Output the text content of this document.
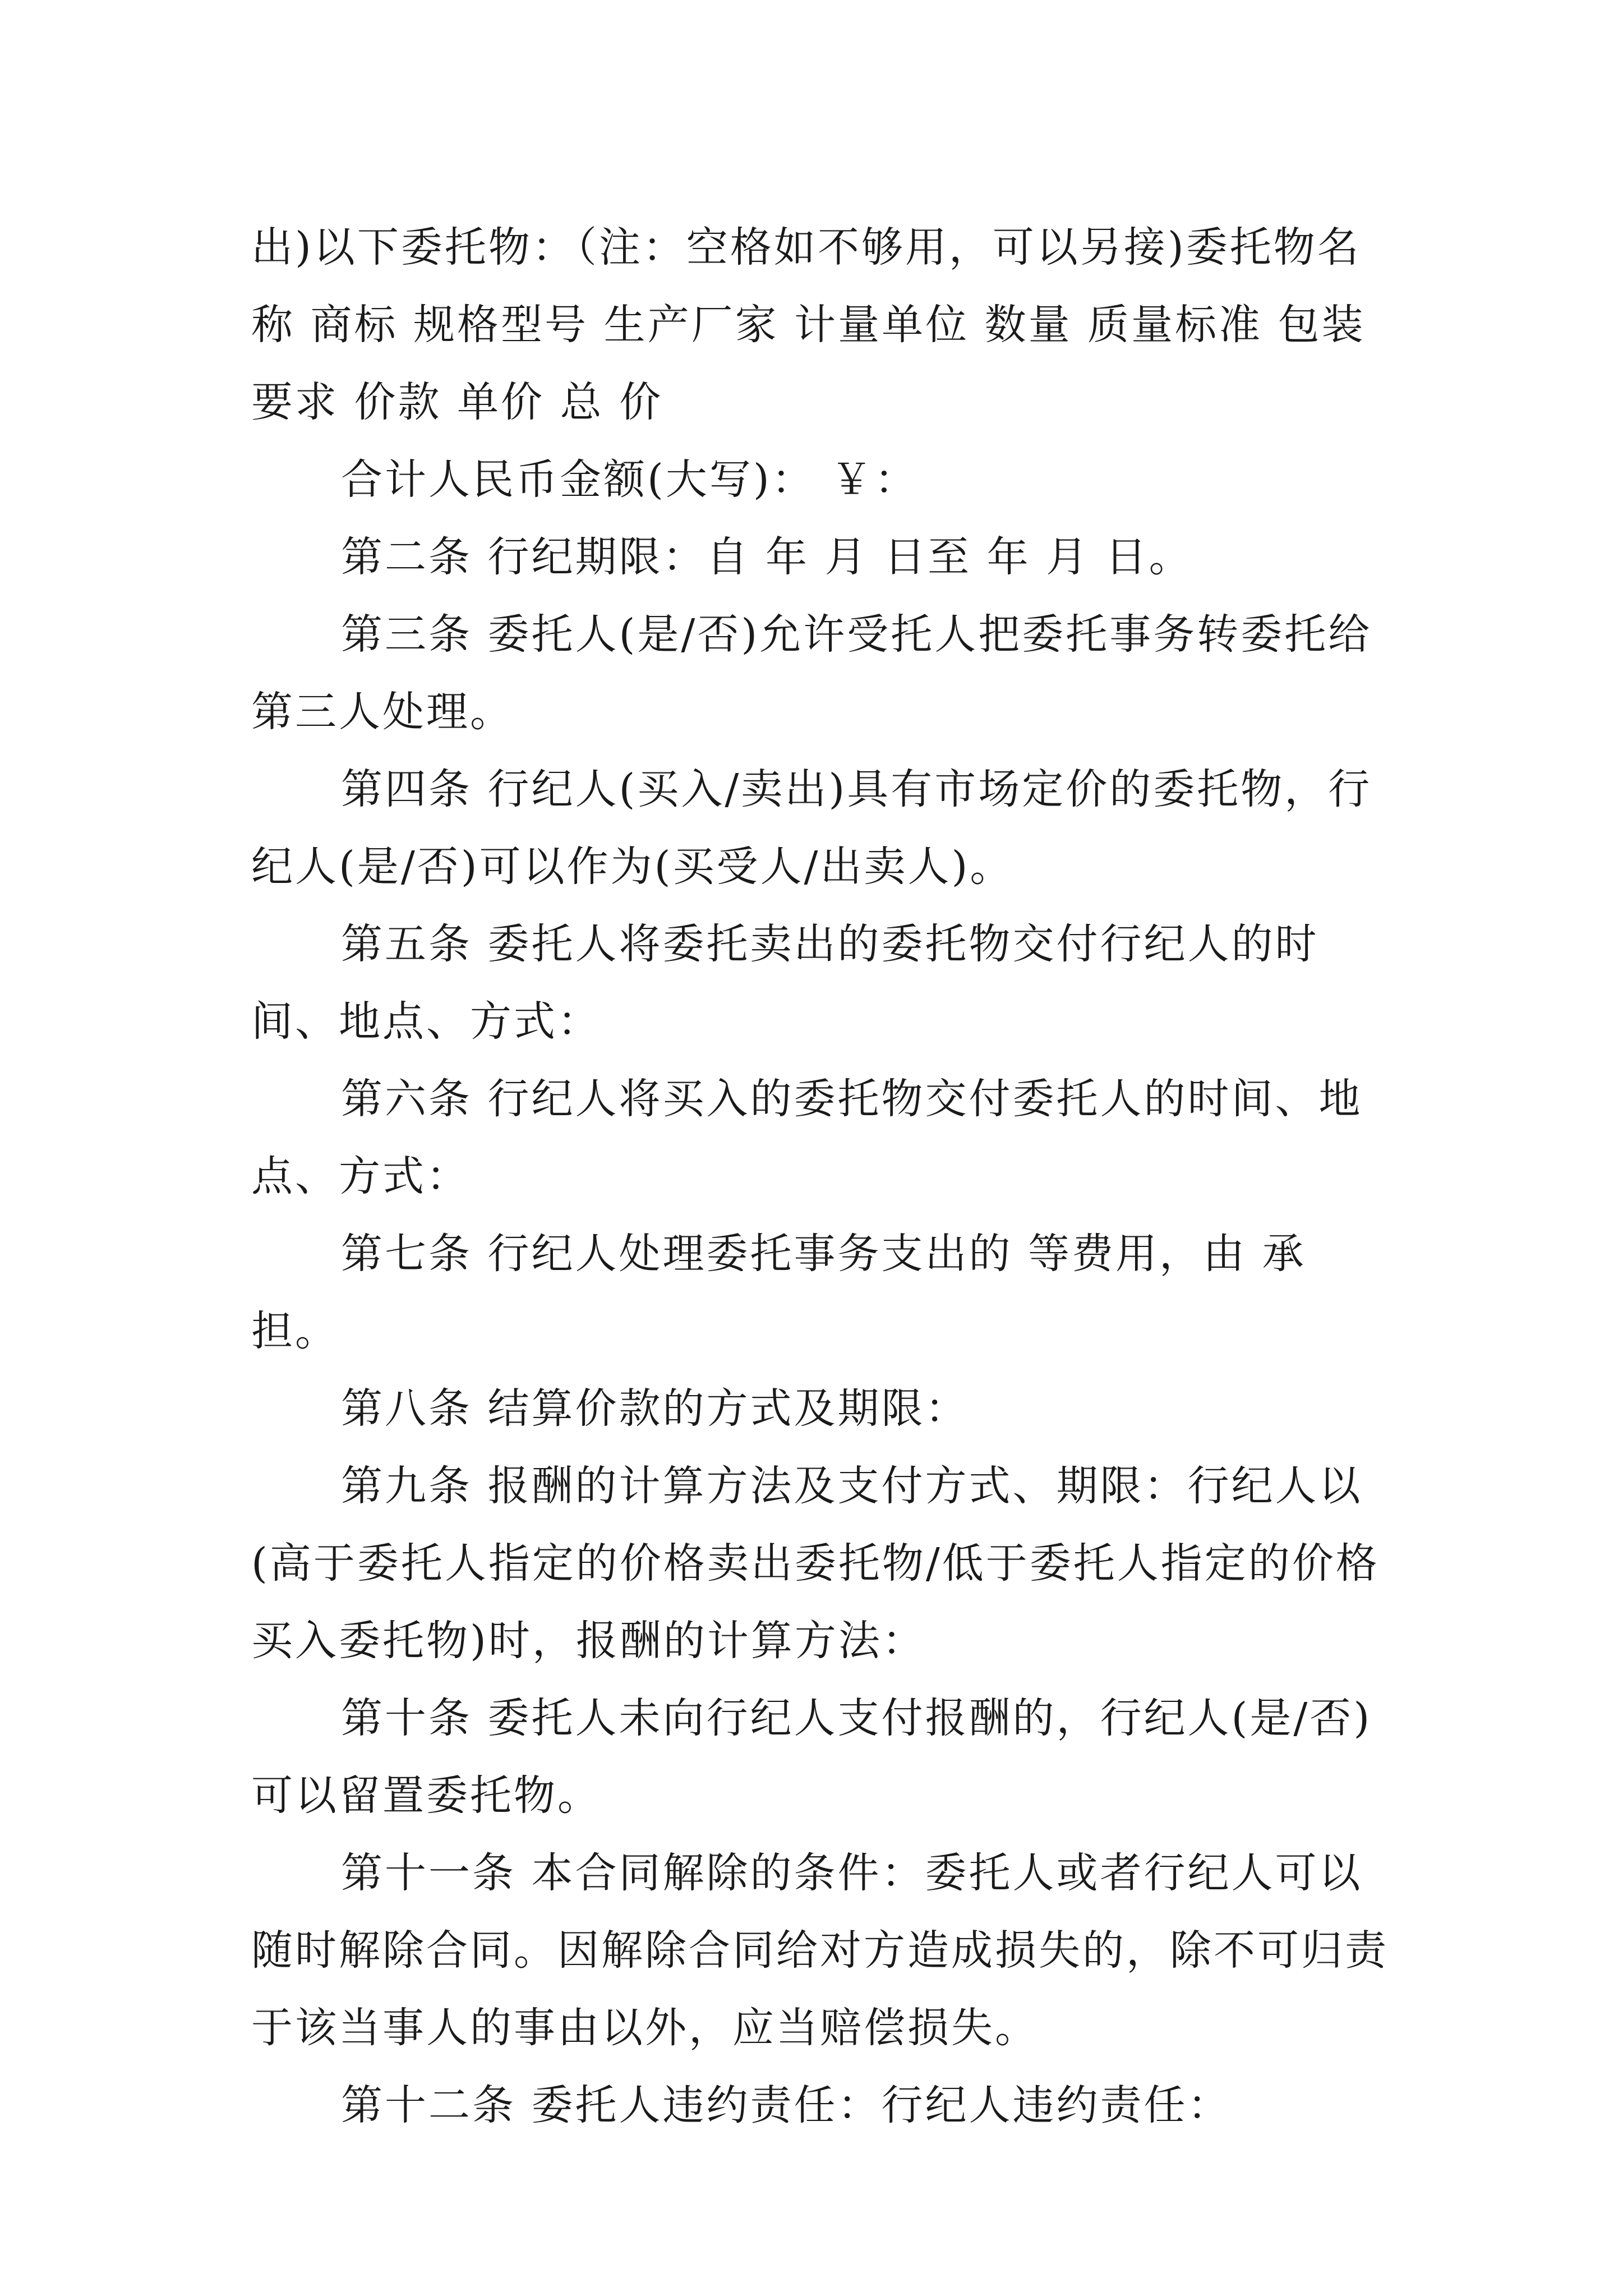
出)以下委托物：（注：空格如不够用，可以另接)委托物名称 商标 规格型号 生产厂家 计量单位 数量 质量标准 包装要求 价款 单价 总 价

合计人民币金额(大写)： ￥：

第二条 行纪期限：自 年 月 日至 年 月 日。

第三条 委托人(是/否)允许受托人把委托事务转委托给第三人处理。

第四条 行纪人(买入/卖出)具有市场定价的委托物，行纪人(是/否)可以作为(买受人/出卖人)。

第五条 委托人将委托卖出的委托物交付行纪人的时间、地点、方式：

第六条 行纪人将买入的委托物交付委托人的时间、地点、方式：

第七条 行纪人处理委托事务支出的 等费用，由 承担。

第八条 结算价款的方式及期限：

第九条 报酬的计算方法及支付方式、期限：行纪人以(高于委托人指定的价格卖出委托物/低于委托人指定的价格买入委托物)时，报酬的计算方法：

第十条 委托人未向行纪人支付报酬的，行纪人(是/否)可以留置委托物。

第十一条 本合同解除的条件：委托人或者行纪人可以随时解除合同。因解除合同给对方造成损失的，除不可归责于该当事人的事由以外，应当赔偿损失。

第十二条 委托人违约责任：行纪人违约责任：
